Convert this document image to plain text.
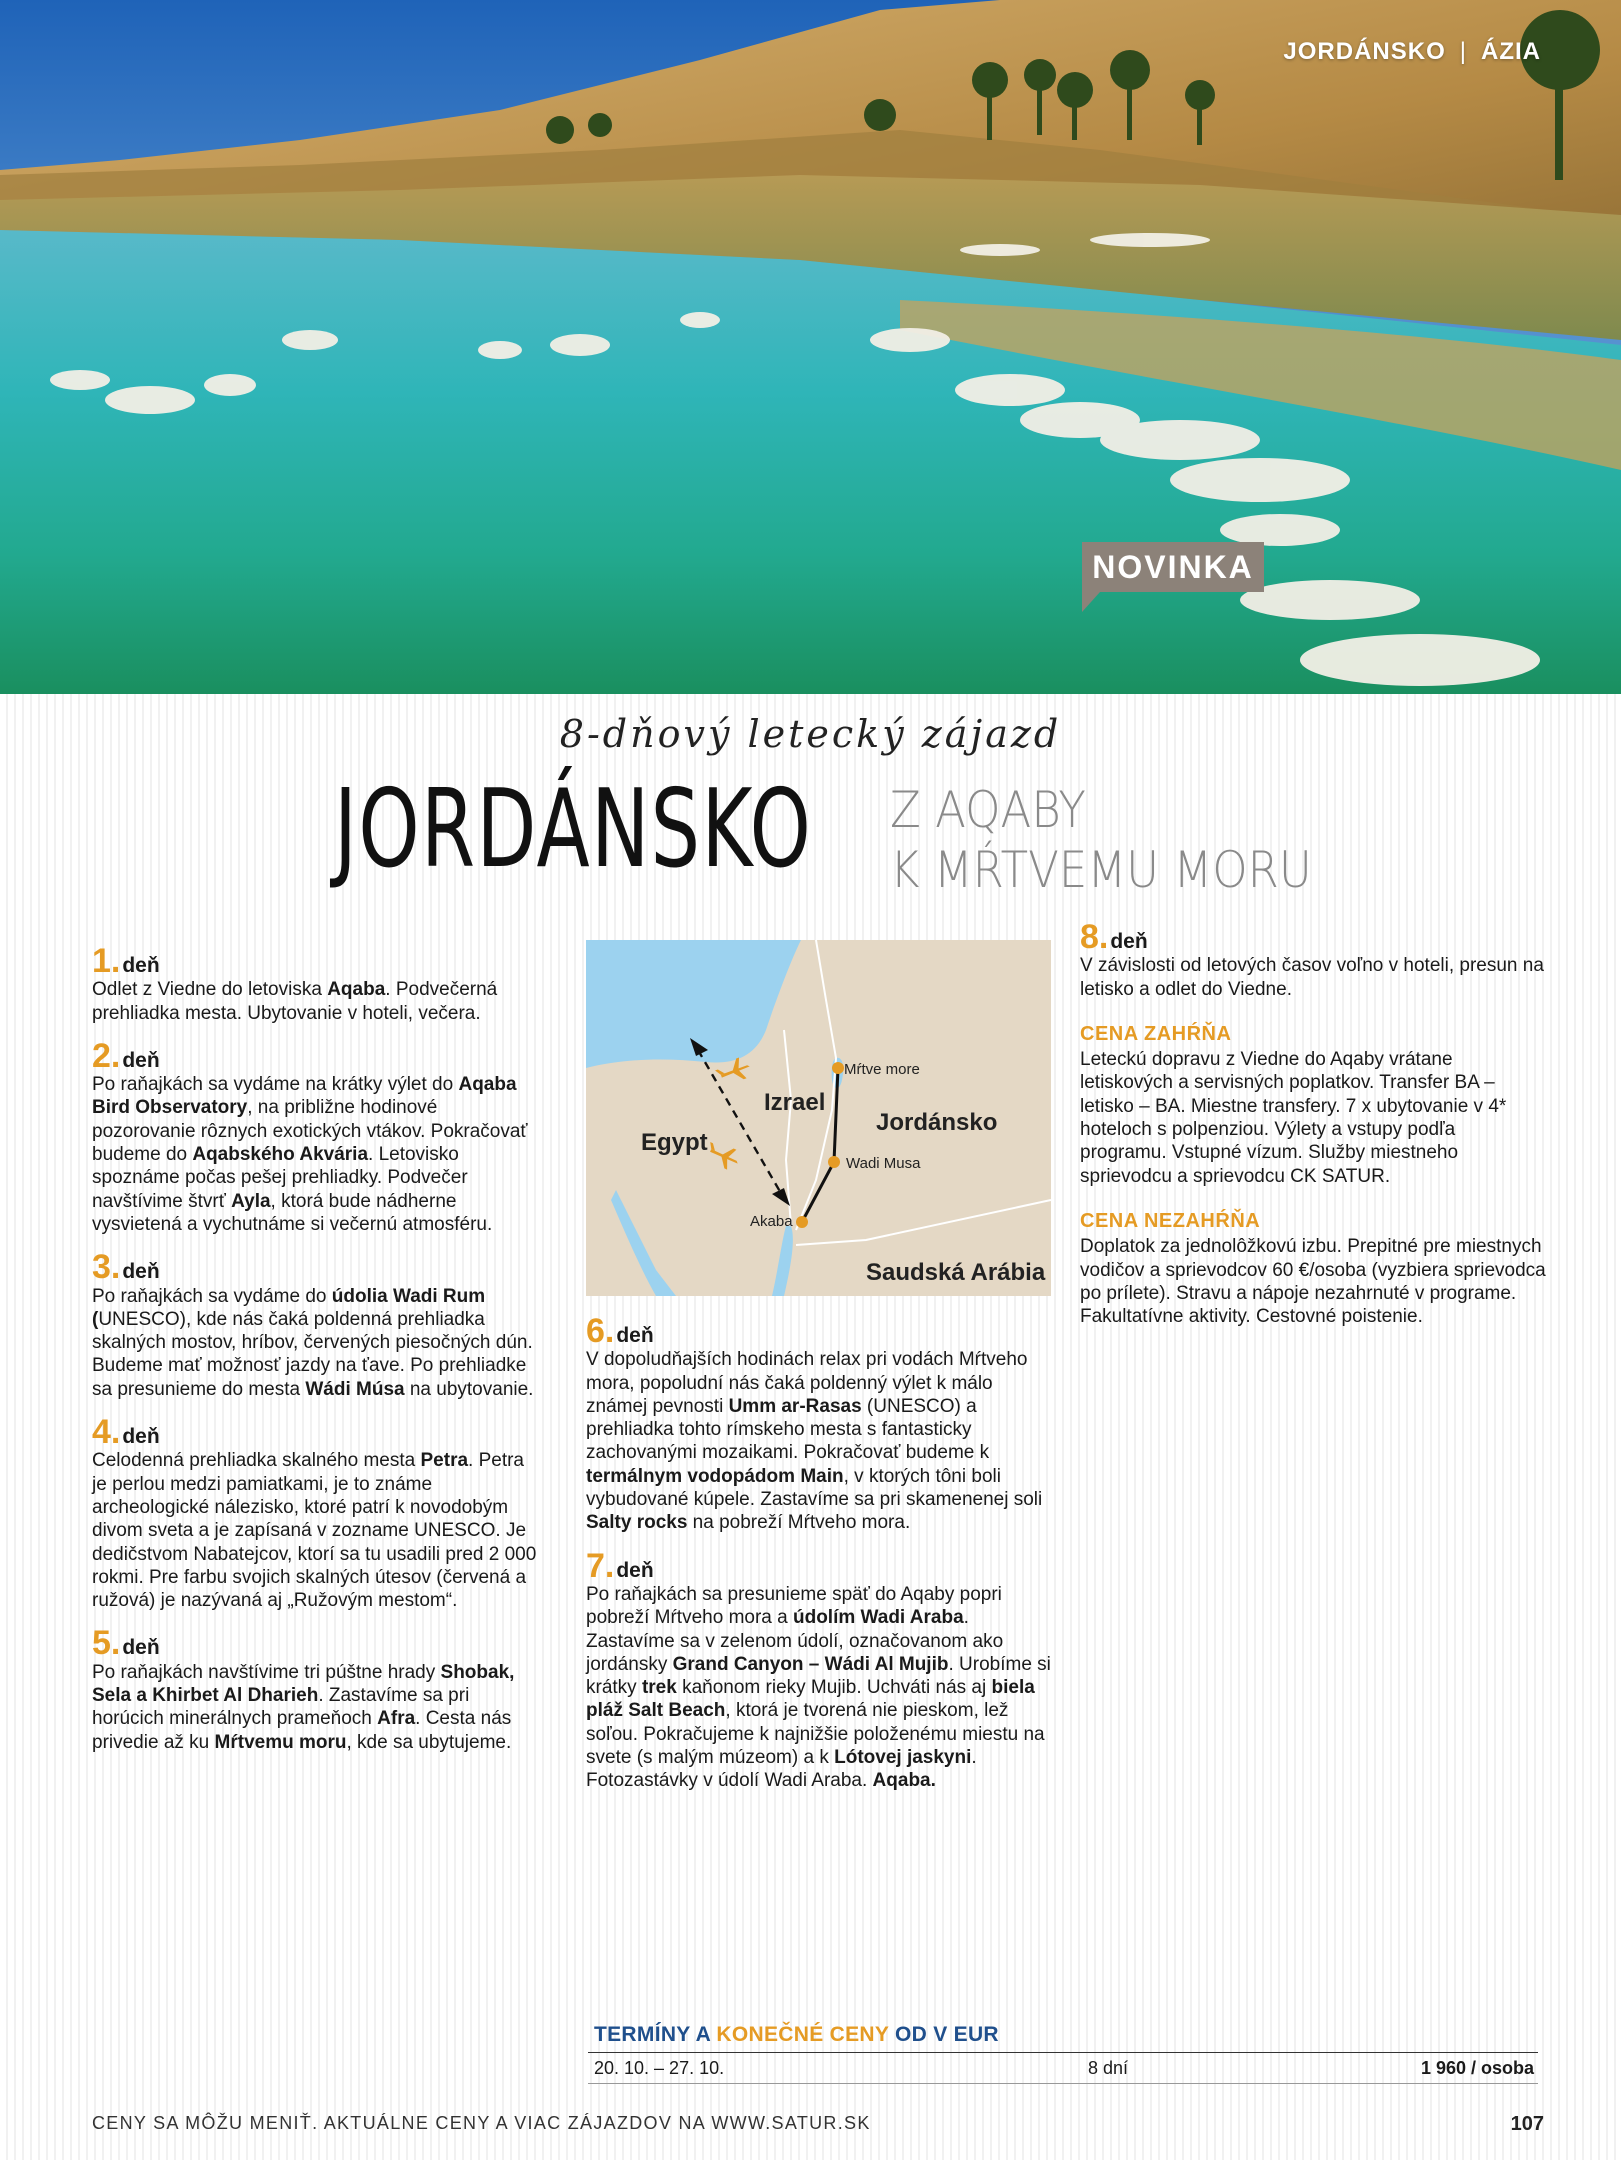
JORDÁNSKO | ÁZIA
NOVINKA
8-dňový letecký zájazd
JORDÁNSKO Z AQABY
K MŔTVEMU MORU
1. deň

Odlet z Viedne do letoviska Aqaba. Podvečerná prehliadka mesta. Ubytovanie v hoteli, večera.

2. deň

Po raňajkách sa vydáme na krátky výlet do Aqaba Bird Observatory, na približne hodinové pozorovanie rôznych exotických vtákov. Pokračovať budeme do Aqabského Akvária. Letovisko spoznáme počas pešej prehliadky. Podvečer navštívime štvrť Ayla, ktorá bude nádherne vysvietená a vychutnáme si večernú atmosféru.

3. deň

Po raňajkách sa vydáme do údolia Wadi Rum (UNESCO), kde nás čaká poldenná prehliadka skalných mostov, hríbov, červených piesočných dún. Budeme mať možnosť jazdy na ťave. Po prehliadke sa presunieme do mesta Wádi Músa na ubytovanie.

4. deň

Celodenná prehliadka skalného mesta Petra. Petra je perlou medzi pamiatkami, je to známe archeologické nálezisko, ktoré patrí k novodobým divom sveta a je zapísaná v zozname UNESCO. Je dedičstvom Nabatejcov, ktorí sa tu usadili pred 2 000 rokmi. Pre farbu svojich skalných útesov (červená a ružová) je nazývaná aj „Ružovým mestom“.

5. deň

Po raňajkách navštívime tri púštne hrady Shobak, Sela a Khirbet Al Dharieh. Zastavíme sa pri horúcich minerálnych prameňoch Afra. Cesta nás privedie až ku Mŕtvemu moru, kde sa ubytujeme.

Egypt
Izrael
Jordánsko
Saudská Arábia
Mŕtve more
Wadi Musa
Akaba
6. deň

V dopoludňajších hodinách relax pri vodách Mŕtveho mora, popoludní nás čaká poldenný výlet k málo známej pevnosti Umm ar-Rasas (UNESCO) a prehliadka tohto rímskeho mesta s fantasticky zachovanými mozaikami. Pokračovať budeme k termálnym vodopádom Main, v ktorých tôni boli vybudované kúpele. Zastavíme sa pri skamenenej soli Salty rocks na pobreží Mŕtveho mora.

7. deň

Po raňajkách sa presunieme späť do Aqaby popri pobreží Mŕtveho mora a údolím Wadi Araba. Zastavíme sa v zelenom údolí, označovanom ako jordánsky Grand Canyon – Wádi Al Mujib. Urobíme si krátky trek kaňonom rieky Mujib. Uchváti nás aj biela pláž Salt Beach, ktorá je tvorená nie pieskom, lež soľou. Pokračujeme k najnižšie položenému miestu na svete (s malým múzeom) a k Lótovej jaskyni. Fotozastávky v údolí Wadi Araba. Aqaba.

8. deň

V závislosti od letových časov voľno v hoteli, presun na letisko a odlet do Viedne.

CENA ZAHŔŇA

Leteckú dopravu z Viedne do Aqaby vrátane letiskových a servisných poplatkov. Transfer BA – letisko – BA. Miestne transfery. 7 x ubytovanie v 4* hoteloch s polpenziou. Výlety a vstupy podľa programu. Vstupné vízum. Služby miestneho sprievodcu a sprievodcu CK SATUR.

CENA NEZAHŔŇA

Doplatok za jednolôžkovú izbu. Prepitné pre miestnych vodičov a sprievodcov 60 €/osoba (vyzbiera sprievodca po prílete). Stravu a nápoje nezahrnuté v programe. Fakultatívne aktivity. Cestovné poistenie.

TERMÍNY A KONEČNÉ CENY OD V EUR
20. 10. – 27. 10.	8 dní	1 960 / osoba
CENY SA MÔŽU MENIŤ. AKTUÁLNE CENY A VIAC ZÁJAZDOV NA WWW.SATUR.SK	107
